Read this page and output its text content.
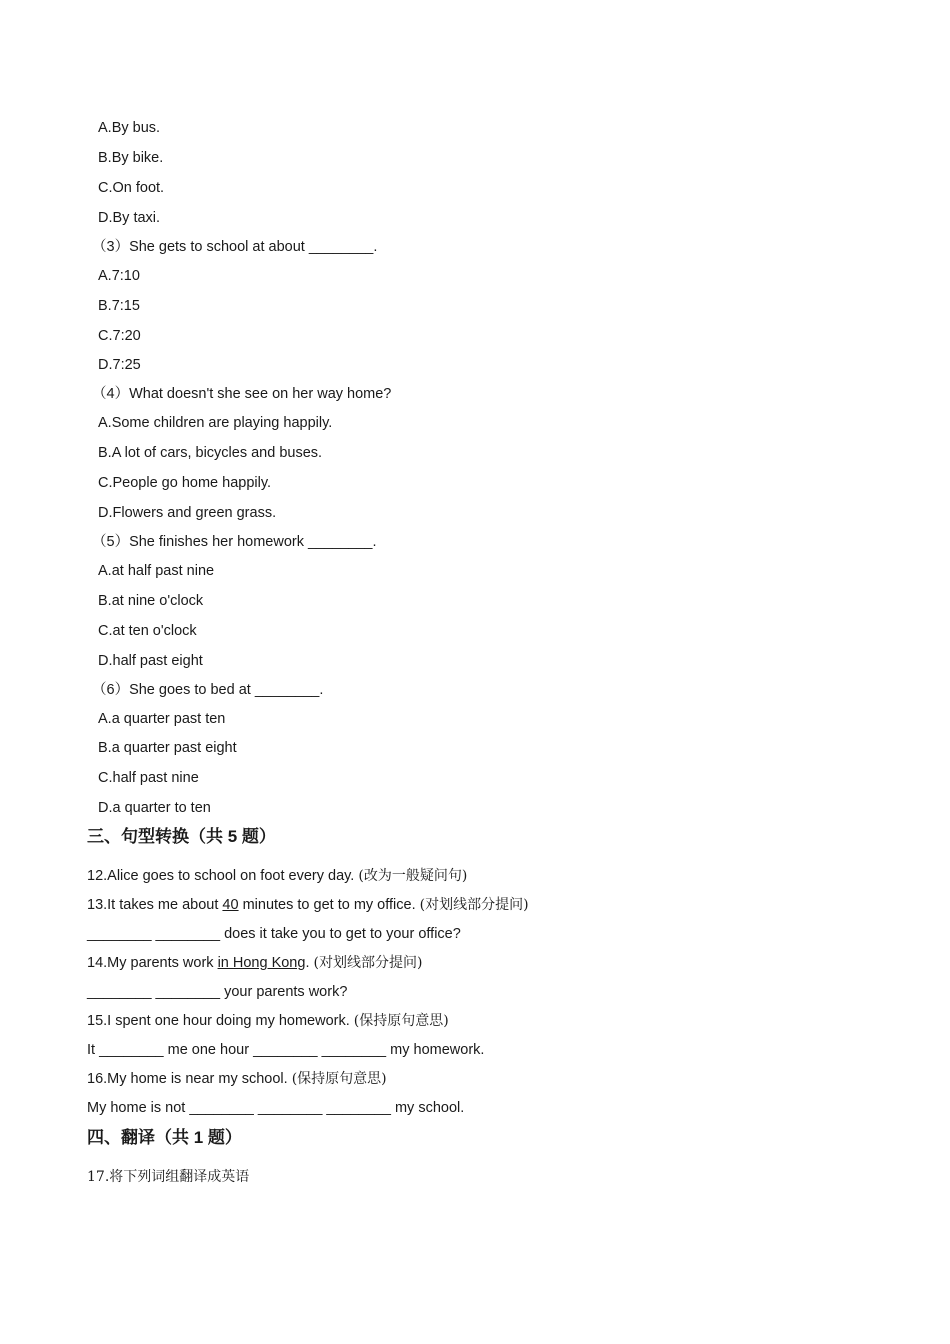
A.By bus.
B.By bike.
C.On foot.
D.By taxi.
（3）She gets to school at about ________.
A.7:10
B.7:15
C.7:20
D.7:25
（4）What doesn't she see on her way home?
A.Some children are playing happily.
B.A lot of cars, bicycles and buses.
C.People go home happily.
D.Flowers and green grass.
（5）She finishes her homework ________.
A.at half past nine
B.at nine o'clock
C.at ten o'clock
D.half past eight
（6）She goes to bed at ________.
A.a quarter past ten
B.a quarter past eight
C.half past nine
D.a quarter to ten
三、句型转换（共 5 题）
12.Alice goes to school on foot every day. (改为一般疑问句)
13.It takes me about 40 minutes to get to my office. (对划线部分提问)
________ ________ does it take you to get to your office?
14.My parents work in Hong Kong. (对划线部分提问)
________ ________ your parents work?
15.I spent one hour doing my homework. (保持原句意思)
It ________ me one hour ________ ________ my homework.
16.My home is near my school. (保持原句意思)
My home is not ________ ________ ________ my school.
四、翻译（共 1 题）
17.将下列词组翻译成英语
